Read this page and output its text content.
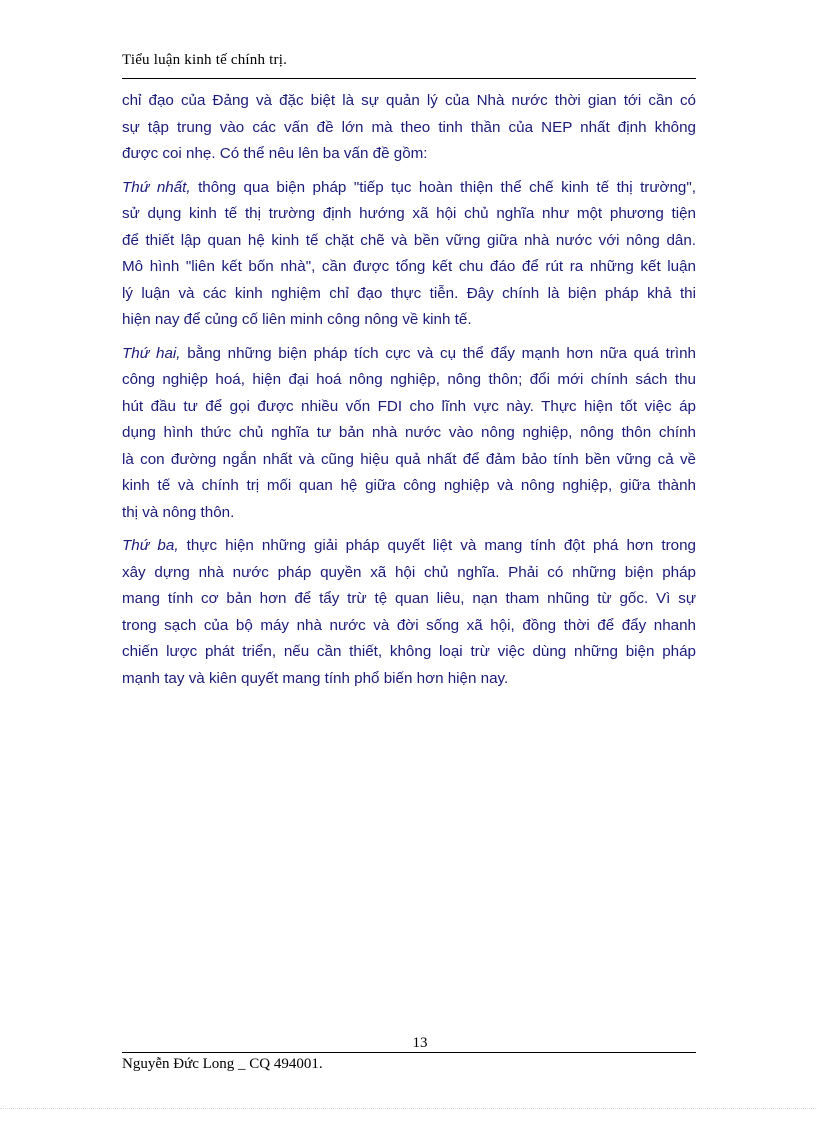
Tiểu luận kinh tế chính trị.

chỉ đạo của Đảng và đặc biệt là sự quản lý của Nhà nước thời gian tới cần có
sự tập trung vào các vấn đề lớn mà theo tinh thần của NEP nhất định không
được coi nhẹ. Có thể nêu lên ba vấn đề gồm:

Thứ nhất, thông qua biện pháp "tiếp tục hoàn thiện thể chế kinh tế thị trường",
sử dụng kinh tế thị trường định hướng xã hội chủ nghĩa như một phương tiện
để thiết lập quan hệ kinh tế chặt chẽ và bền vững giữa nhà nước với nông dân.
Mô hình "liên kết bốn nhà", cần được tổng kết chu đáo để rút ra những kết luận
lý luận và các kinh nghiệm chỉ đạo thực tiễn. Đây chính là biện pháp khả thi
hiện nay để củng cố liên minh công nông về kinh tế.

Thứ hai, bằng những biện pháp tích cực và cụ thể đẩy mạnh hơn nữa quá trình
công nghiệp hoá, hiện đại hoá nông nghiệp, nông thôn; đổi mới chính sách thu
hút đầu tư để gọi được nhiều vốn FDI cho lĩnh vực này. Thực hiện tốt việc áp
dụng hình thức chủ nghĩa tư bản nhà nước vào nông nghiệp, nông thôn chính
là con đường ngắn nhất và cũng hiệu quả nhất để đảm bảo tính bền vững cả về
kinh tế và chính trị mối quan hệ giữa công nghiệp và nông nghiệp, giữa thành
thị và nông thôn.

Thứ ba, thực hiện những giải pháp quyết liệt và mang tính đột phá hơn trong
xây dựng nhà nước pháp quyền xã hội chủ nghĩa. Phải có những biện pháp
mang tính cơ bản hơn để tẩy trừ tệ quan liêu, nạn tham nhũng từ gốc. Vì sự
trong sạch của bộ máy nhà nước và đời sống xã hội, đồng thời để đẩy nhanh
chiến lược phát triển, nếu cần thiết, không loại trừ việc dùng những biện pháp
mạnh tay và kiên quyết mang tính phổ biến hơn hiện nay.

13
Nguyễn Đức Long _ CQ 494001.
